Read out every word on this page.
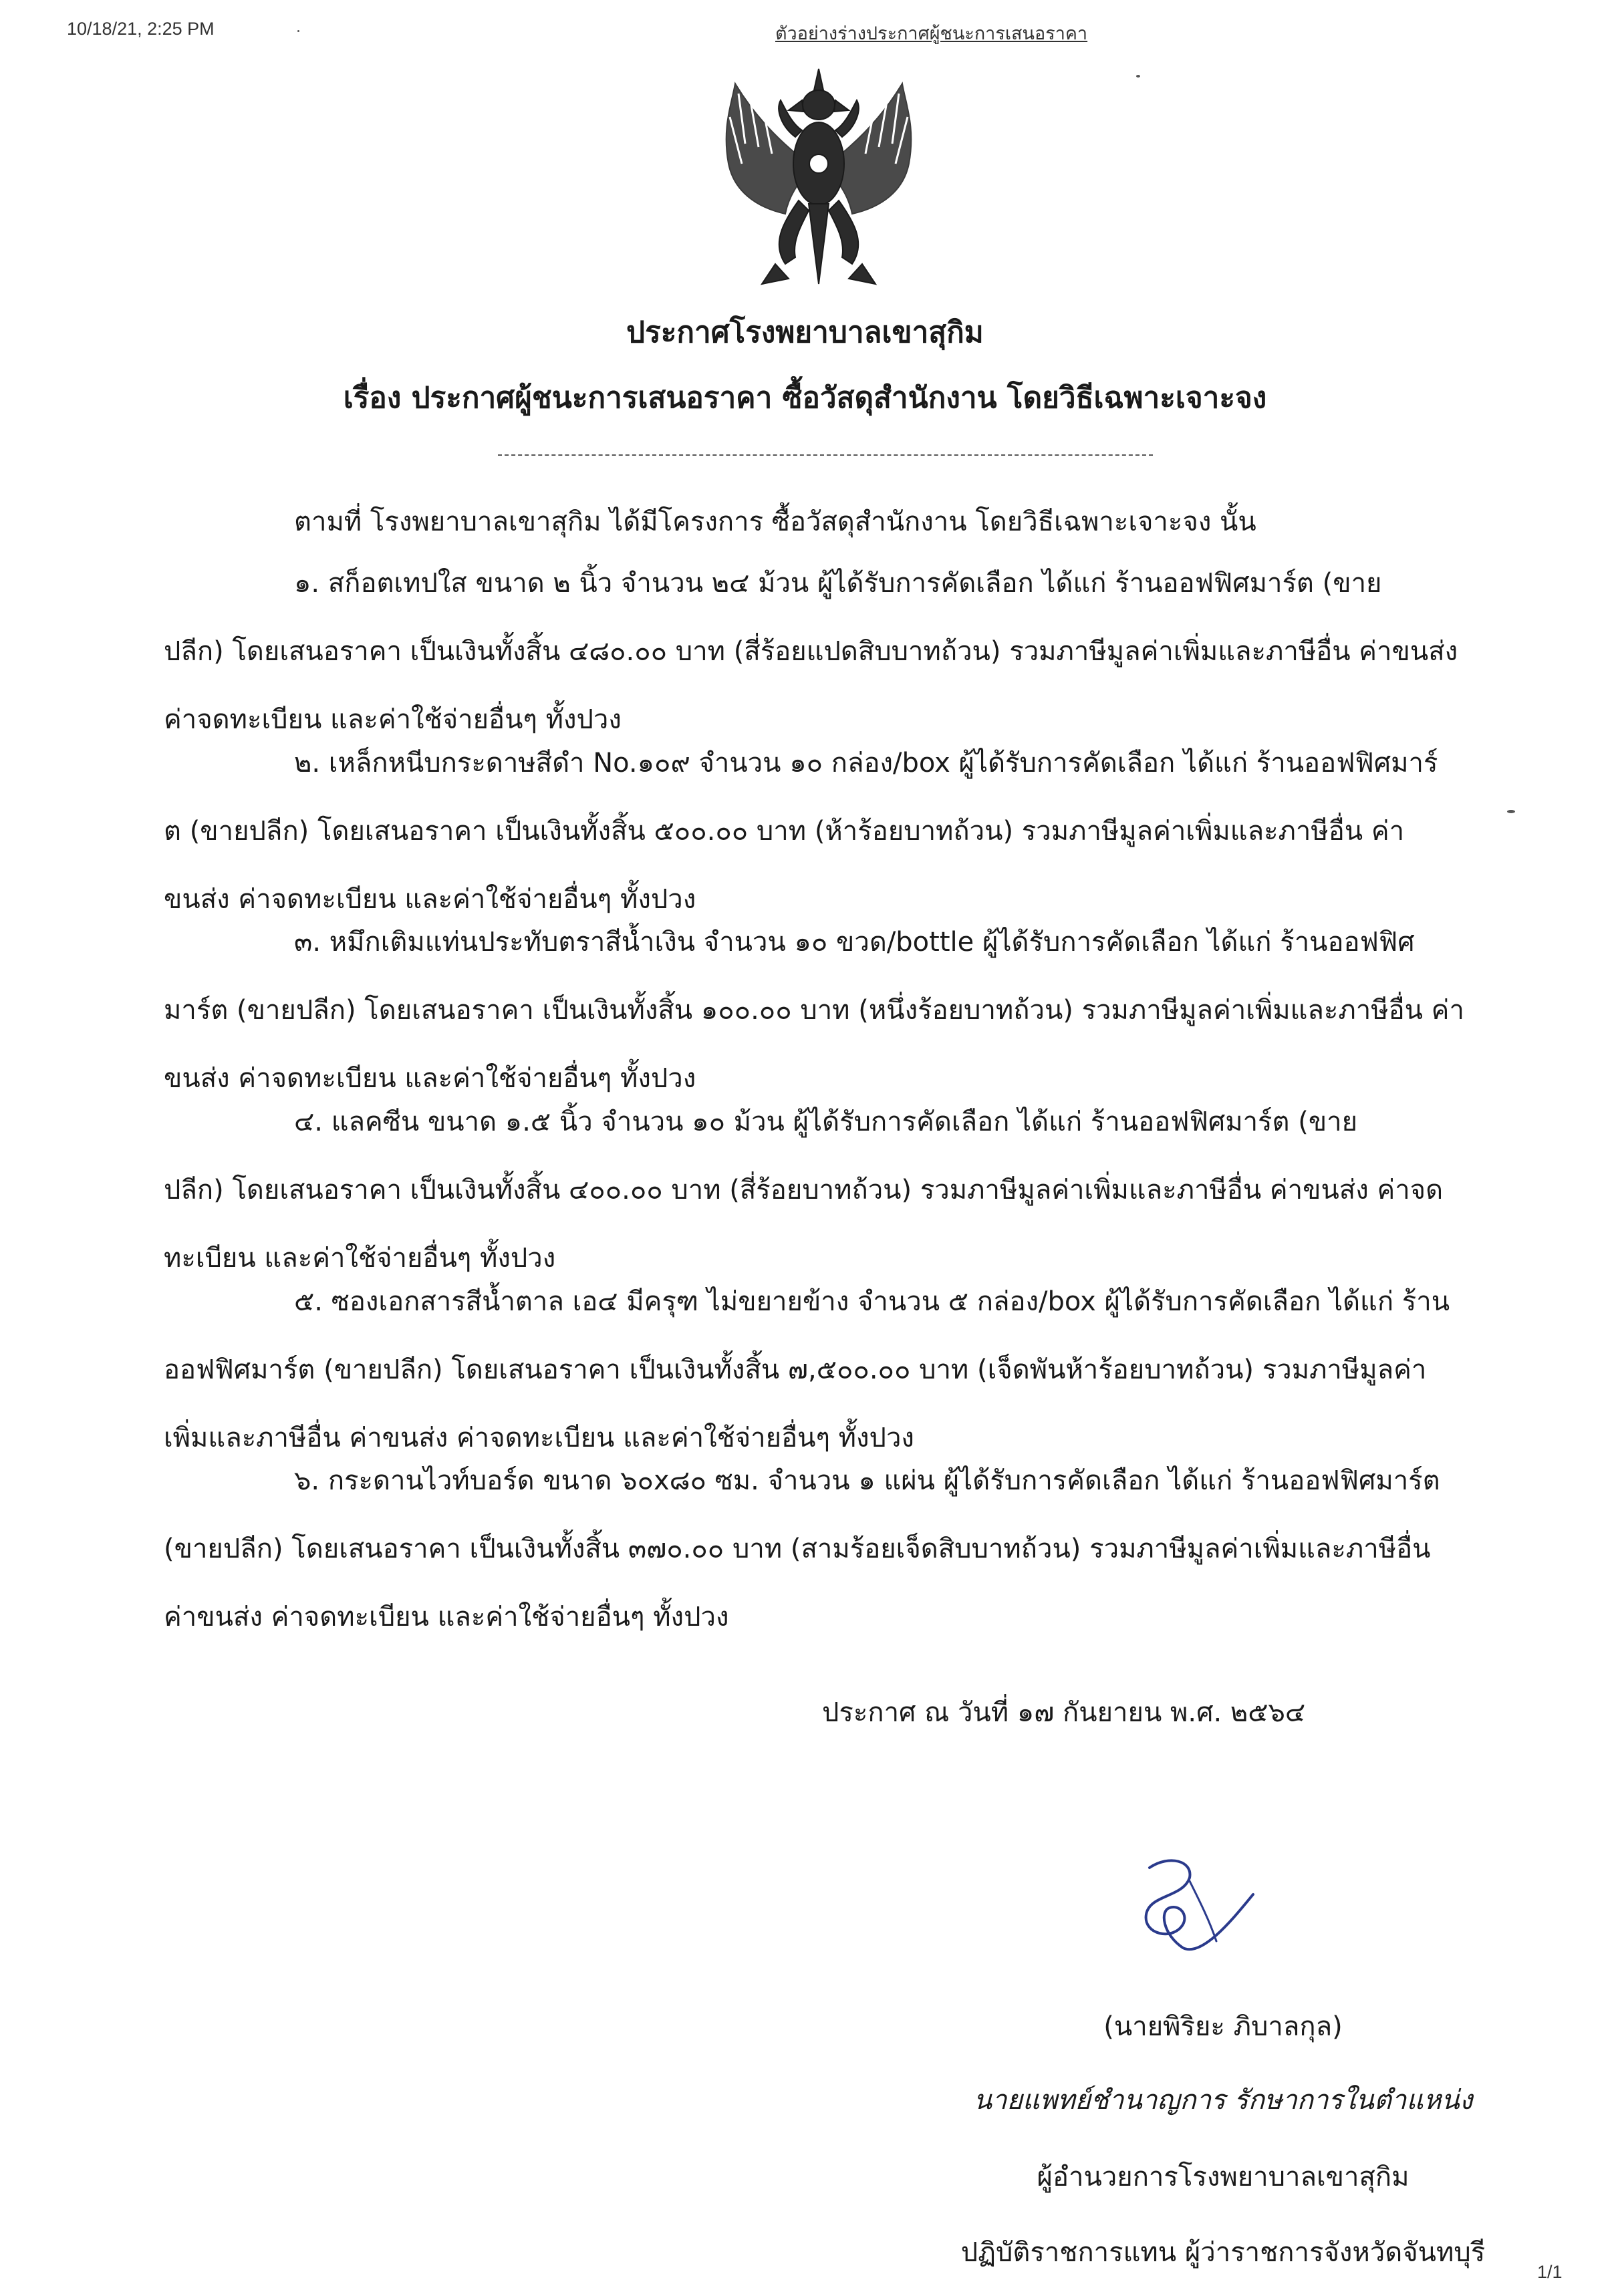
10/18/21, 2:25 PM	ตัวอย่างร่างประกาศผู้ชนะการเสนอราคา
ประกาศโรงพยาบาลเขาสุกิม
เรื่อง ประกาศผู้ชนะการเสนอราคา ซื้อวัสดุสำนักงาน โดยวิธีเฉพาะเจาะจง

ตามที่ โรงพยาบาลเขาสุกิม ได้มีโครงการ ซื้อวัสดุสำนักงาน โดยวิธีเฉพาะเจาะจง นั้น

๑. สก็อตเทปใส ขนาด ๒ นิ้ว จำนวน ๒๔ ม้วน ผู้ได้รับการคัดเลือก ได้แก่ ร้านออฟฟิศมาร์ต (ขาย
ปลีก) โดยเสนอราคา เป็นเงินทั้งสิ้น ๔๘๐.๐๐ บาท (สี่ร้อยแปดสิบบาทถ้วน) รวมภาษีมูลค่าเพิ่มและภาษีอื่น ค่าขนส่ง
ค่าจดทะเบียน และค่าใช้จ่ายอื่นๆ ทั้งปวง

๒. เหล็กหนีบกระดาษสีดำ No.๑๐๙ จำนวน ๑๐ กล่อง/box ผู้ได้รับการคัดเลือก ได้แก่ ร้านออฟฟิศมาร์
ต (ขายปลีก) โดยเสนอราคา เป็นเงินทั้งสิ้น ๕๐๐.๐๐ บาท (ห้าร้อยบาทถ้วน) รวมภาษีมูลค่าเพิ่มและภาษีอื่น ค่า
ขนส่ง ค่าจดทะเบียน และค่าใช้จ่ายอื่นๆ ทั้งปวง

๓. หมึกเติมแท่นประทับตราสีน้ำเงิน จำนวน ๑๐ ขวด/bottle ผู้ได้รับการคัดเลือก ได้แก่ ร้านออฟฟิศ
มาร์ต (ขายปลีก) โดยเสนอราคา เป็นเงินทั้งสิ้น ๑๐๐.๐๐ บาท (หนึ่งร้อยบาทถ้วน) รวมภาษีมูลค่าเพิ่มและภาษีอื่น ค่า
ขนส่ง ค่าจดทะเบียน และค่าใช้จ่ายอื่นๆ ทั้งปวง

๔. แลคซีน ขนาด ๑.๕ นิ้ว จำนวน ๑๐ ม้วน ผู้ได้รับการคัดเลือก ได้แก่ ร้านออฟฟิศมาร์ต (ขาย
ปลีก) โดยเสนอราคา เป็นเงินทั้งสิ้น ๔๐๐.๐๐ บาท (สี่ร้อยบาทถ้วน) รวมภาษีมูลค่าเพิ่มและภาษีอื่น ค่าขนส่ง ค่าจด
ทะเบียน และค่าใช้จ่ายอื่นๆ ทั้งปวง

๕. ซองเอกสารสีน้ำตาล เอ๔ มีครุฑ ไม่ขยายข้าง จำนวน ๕ กล่อง/box ผู้ได้รับการคัดเลือก ได้แก่ ร้าน
ออฟฟิศมาร์ต (ขายปลีก) โดยเสนอราคา เป็นเงินทั้งสิ้น ๗,๕๐๐.๐๐ บาท (เจ็ดพันห้าร้อยบาทถ้วน) รวมภาษีมูลค่า
เพิ่มและภาษีอื่น ค่าขนส่ง ค่าจดทะเบียน และค่าใช้จ่ายอื่นๆ ทั้งปวง

๖. กระดานไวท์บอร์ด ขนาด ๖๐x๘๐ ซม. จำนวน ๑ แผ่น ผู้ได้รับการคัดเลือก ได้แก่ ร้านออฟฟิศมาร์ต
(ขายปลีก) โดยเสนอราคา เป็นเงินทั้งสิ้น ๓๗๐.๐๐ บาท (สามร้อยเจ็ดสิบบาทถ้วน) รวมภาษีมูลค่าเพิ่มและภาษีอื่น
ค่าขนส่ง ค่าจดทะเบียน และค่าใช้จ่ายอื่นๆ ทั้งปวง

ประกาศ ณ วันที่ ๑๗ กันยายน พ.ศ. ๒๕๖๔
(นายพิริยะ ภิบาลกุล)
นายแพทย์ชำนาญการ รักษาการในตำแหน่ง
ผู้อำนวยการโรงพยาบาลเขาสุกิม
ปฏิบัติราชการแทน ผู้ว่าราชการจังหวัดจันทบุรี
1/1
